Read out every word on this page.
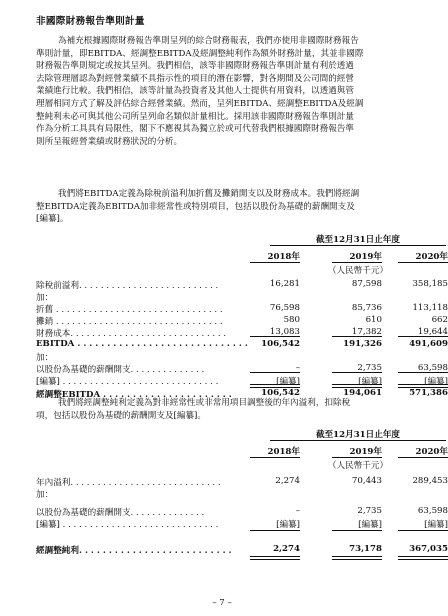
非國際財務報告準則計量

為補充根據國際財務報告準則呈列的綜合財務報表，我們亦使用非國際財務報告
準則計量，即EBITDA、經調整EBITDA及經調整純利作為額外財務計量，其並非國際
財務報告準則規定或按其呈列。我們相信，該等非國際財務報告準則計量有利於透過
去除管理層認為對經營業績不具指示性的項目的潛在影響，對各期間及公司間的經營
業績進行比較。我們相信，該等計量為投資者及其他人士提供有用資料，以透過與管
理層相同方式了解及評估綜合經營業績。然而，呈列EBITDA、經調整EBITDA及經調
整純利未必可與其他公司所呈列命名類似計量相比。採用該非國際財務報告準則計量
作為分析工具具有局限性，閣下不應視其為獨立於或可代替我們根據國際財務報告準
則所呈報經營業績或財務狀況的分析。

我們將EBITDA定義為除稅前溢利加折舊及攤銷開支以及財務成本。我們將經調
整EBITDA定義為EBITDA加非經常性或特別項目，包括以股份為基礎的薪酬開支及
[編纂]。

截至12月31日止年度
2018年	2019年	2020年
（人民幣千元）
除稅前溢利. . . . . . . . . . . . . . . . . . . . . . . . . .	16,281	87,598	358,185
加：
折舊 . . . . . . . . . . . . . . . . . . . . . . . . . . . . . . .	76,598	85,736	113,118
攤銷 . . . . . . . . . . . . . . . . . . . . . . . . . . . . . . .	580	610	662
財務成本. . . . . . . . . . . . . . . . . . . . . . . . . . . . .	13,083	17,382	19,644
EBITDA . . . . . . . . . . . . . . . . . . . . . . . . . . . . .	106,542	191,326	491,609
加：
以股份為基礎的薪酬開支. . . . . . . . . . . . . .	–	2,735	63,598
[編纂] . . . . . . . . . . . . . . . . . . . . . . . . . . . . .	[編纂]	[編纂]	[編纂]
經調整EBITDA . . . . . . . . . . . . . . . . . . . . . .	106,542	194,061	571,386

我們將經調整純利定義為對非經常性或非常用項目調整後的年內溢利，扣除稅
項，包括以股份為基礎的薪酬開支及[編纂]。

截至12月31日止年度
2018年	2019年	2020年
（人民幣千元）
年內溢利. . . . . . . . . . . . . . . . . . . . . . . . . . . .	2,274	70,443	289,453
加：
以股份為基礎的薪酬開支. . . . . . . . . . . . . .	–	2,735	63,598
[編纂] . . . . . . . . . . . . . . . . . . . . . . . . . . . . .	[編纂]	[編纂]	[編纂]
經調整純利. . . . . . . . . . . . . . . . . . . . . . . . . .	2,274	73,178	367,035
– 7 –
